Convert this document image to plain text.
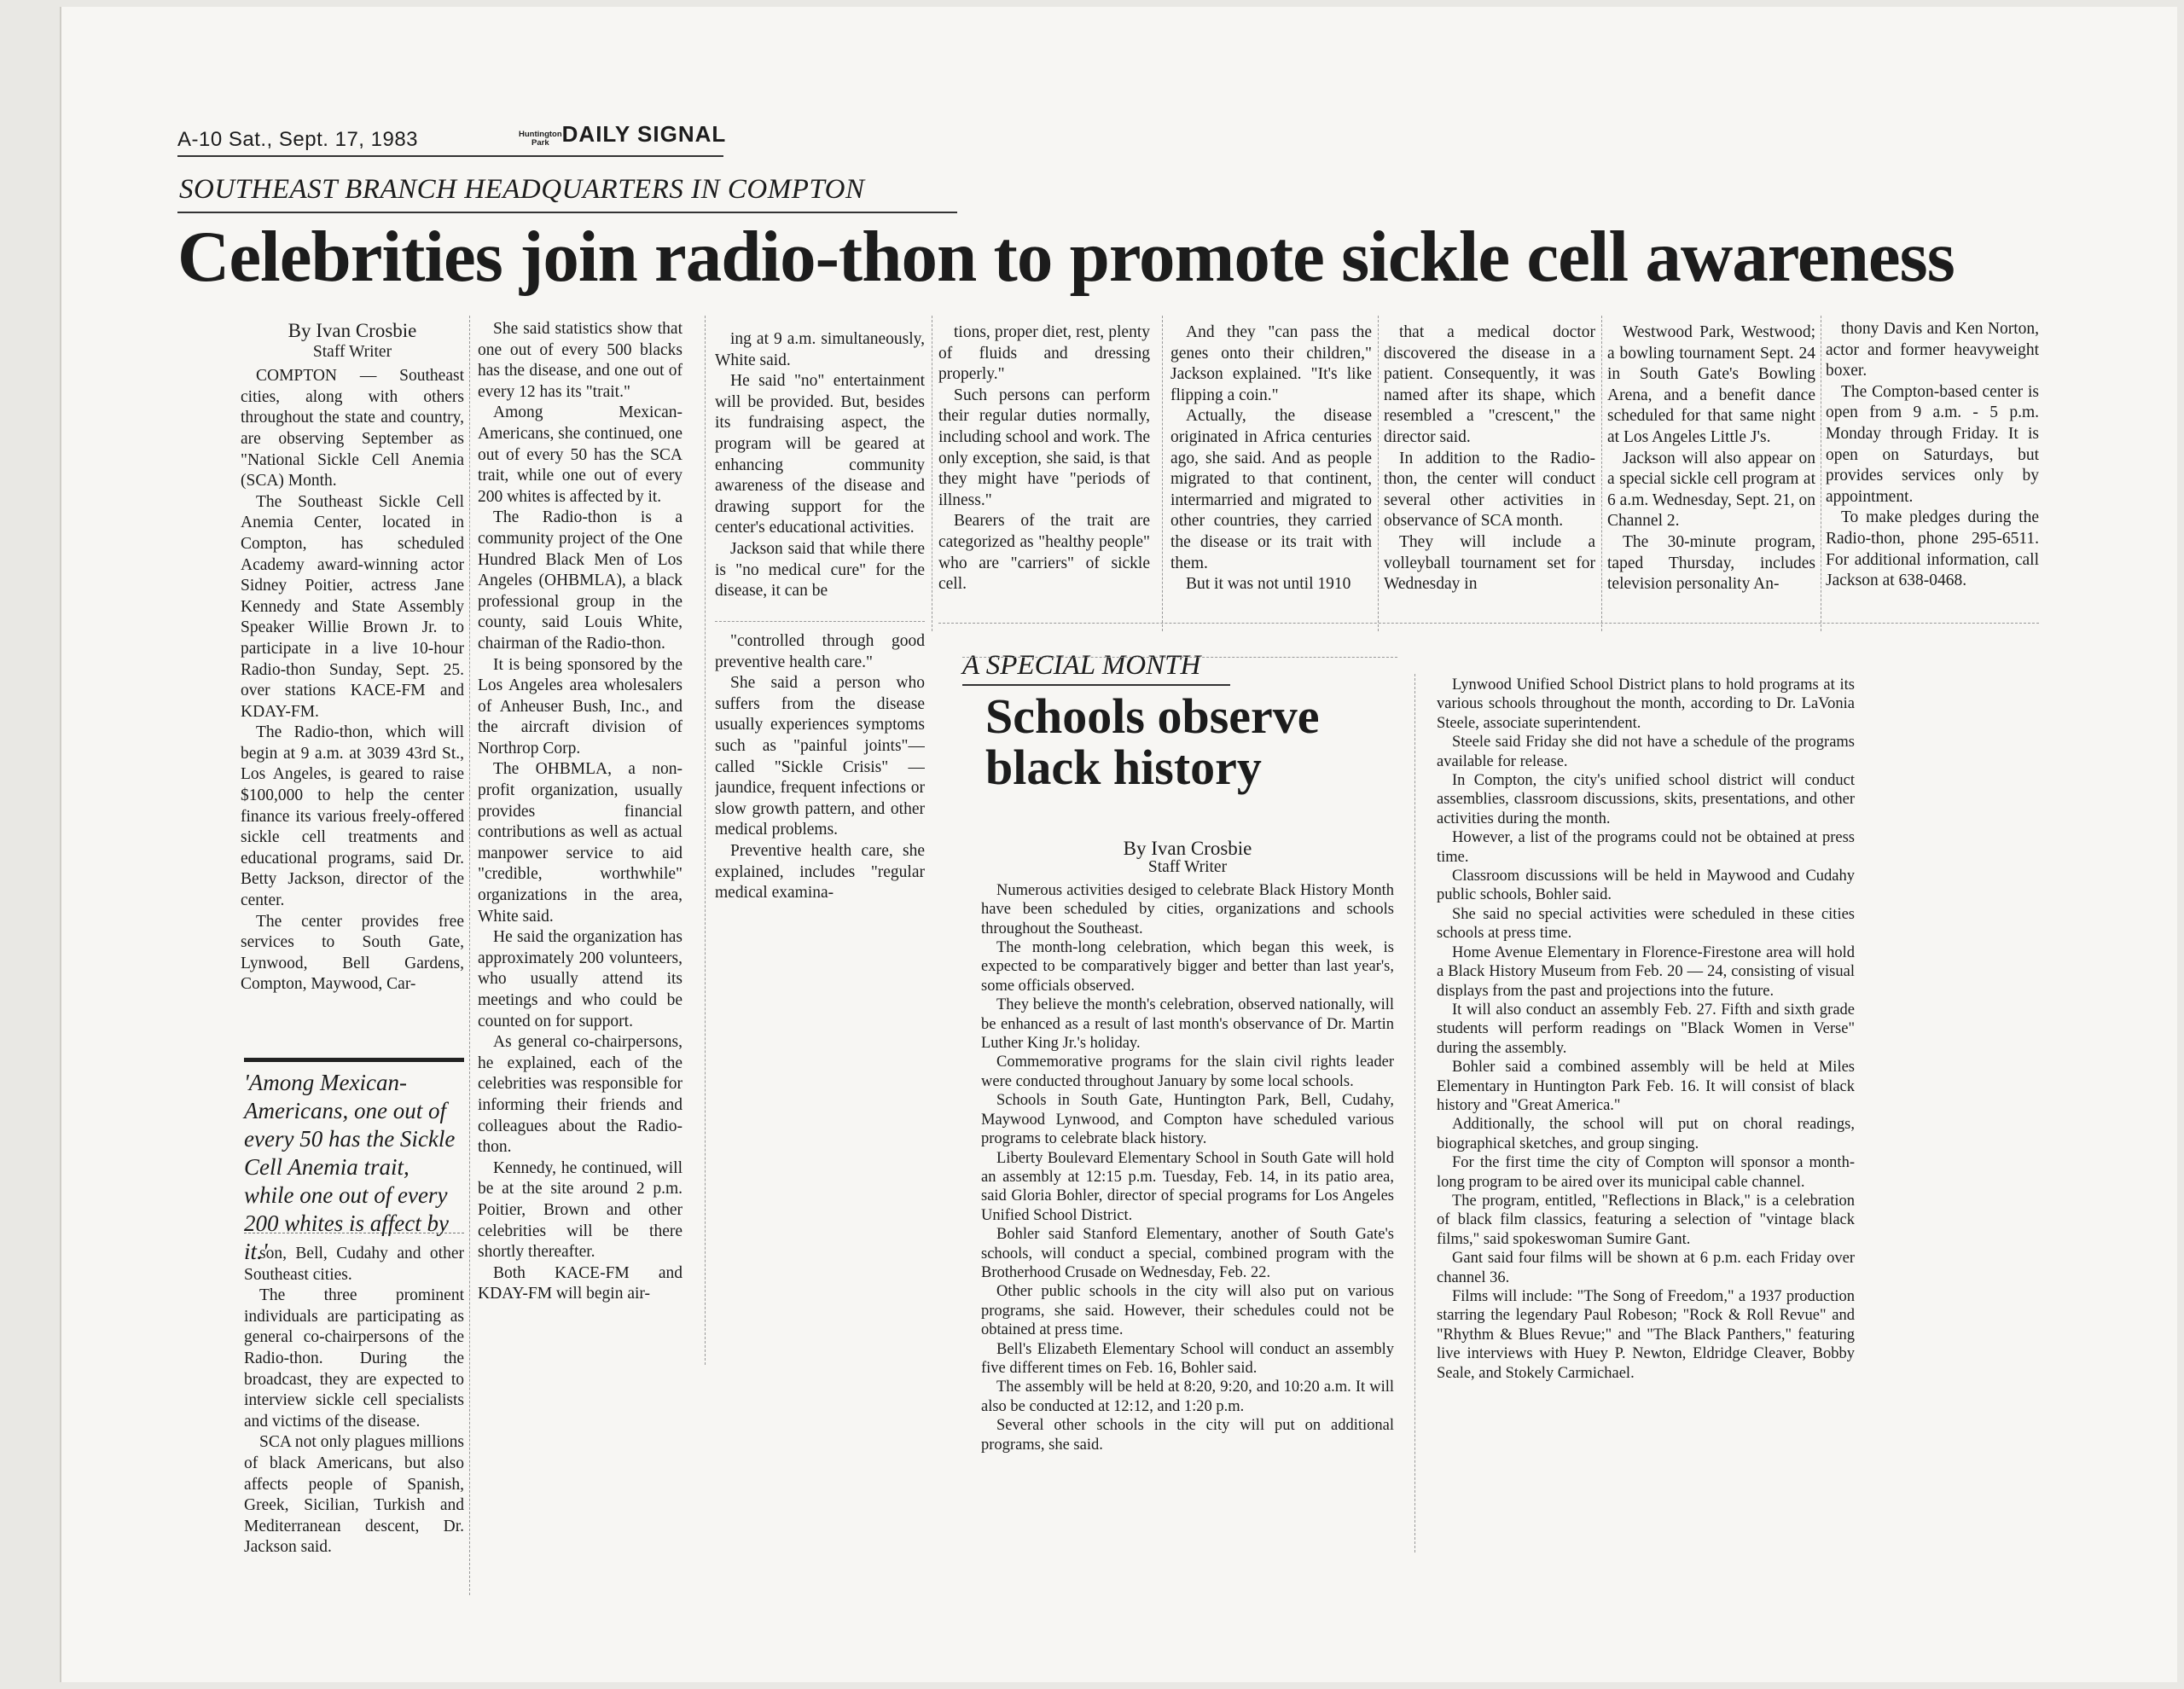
A-10 Sat., Sept. 17, 1983	Huntington
Park DAILY SIGNAL
SOUTHEAST BRANCH HEADQUARTERS IN COMPTON
Celebrities join radio-thon to promote sickle cell awareness

By Ivan Crosbie

Staff Writer

COMPTON — Southeast cities, along with others throughout the state and country, are observing September as "National Sickle Cell Anemia (SCA) Month.

The Southeast Sickle Cell Anemia Center, located in Compton, has scheduled Academy award-winning actor Sidney Poitier, actress Jane Kennedy and State Assembly Speaker Willie Brown Jr. to participate in a live 10-hour Radio-thon Sunday, Sept. 25. over stations KACE-FM and KDAY-FM.

The Radio-thon, which will begin at 9 a.m. at 3039 43rd St., Los Angeles, is geared to raise $100,000 to help the center finance its various freely-offered sickle cell treatments and educational programs, said Dr. Betty Jackson, director of the center.

The center provides free services to South Gate, Lynwood, Bell Gardens, Compton, Maywood, Car-

'Among Mexican-Americans, one out of every 50 has the Sickle Cell Anemia trait, while one out of every 200 whites is affect by it.'

son, Bell, Cudahy and other Southeast cities.

The three prominent individuals are participating as general co-chairpersons of the Radio-thon. During the broadcast, they are expected to interview sickle cell specialists and victims of the disease.

SCA not only plagues millions of black Americans, but also affects people of Spanish, Greek, Sicilian, Turkish and Mediterranean descent, Dr. Jackson said.

She said statistics show that one out of every 500 blacks has the disease, and one out of every 12 has its "trait."

Among Mexican-Americans, she continued, one out of every 50 has the SCA trait, while one out of every 200 whites is affected by it.

The Radio-thon is a community project of the One Hundred Black Men of Los Angeles (OHBMLA), a black professional group in the county, said Louis White, chairman of the Radio-thon.

It is being sponsored by the Los Angeles area wholesalers of Anheuser Bush, Inc., and the aircraft division of Northrop Corp.

The OHBMLA, a non-profit organization, usually provides financial contributions as well as actual manpower service to aid "credible, worthwhile" organizations in the area, White said.

He said the organization has approximately 200 volunteers, who usually attend its meetings and who could be counted on for support.

As general co-chairpersons, he explained, each of the celebrities was responsible for informing their friends and colleagues about the Radio-thon.

Kennedy, he continued, will be at the site around 2 p.m. Poitier, Brown and other celebrities will be there shortly thereafter.

Both KACE-FM and KDAY-FM will begin air-

ing at 9 a.m. simultaneously, White said.

He said "no" entertainment will be provided. But, besides its fundraising aspect, the program will be geared at enhancing community awareness of the disease and drawing support for the center's educational activities.

Jackson said that while there is "no medical cure" for the disease, it can be

"controlled through good preventive health care."

She said a person who suffers from the disease usually experiences symptoms such as "painful joints"—called "Sickle Crisis" — jaundice, frequent infections or slow growth pattern, and other medical problems.

Preventive health care, she explained, includes "regular medical examina-

tions, proper diet, rest, plenty of fluids and dressing properly."

Such persons can perform their regular duties normally, including school and work. The only exception, she said, is that they might have "periods of illness."

Bearers of the trait are categorized as "healthy people" who are "carriers" of sickle cell.

And they "can pass the genes onto their children," Jackson explained. "It's like flipping a coin."

Actually, the disease originated in Africa centuries ago, she said. And as people migrated to that continent, intermarried and migrated to other countries, they carried the disease or its trait with them.

But it was not until 1910

that a medical doctor discovered the disease in a patient. Consequently, it was named after its shape, which resembled a "crescent," the director said.

In addition to the Radio-thon, the center will conduct several other activities in observance of SCA month.

They will include a volleyball tournament set for Wednesday in

Westwood Park, Westwood; a bowling tournament Sept. 24 in South Gate's Bowling Arena, and a benefit dance scheduled for that same night at Los Angeles Little J's.

Jackson will also appear on a special sickle cell program at 6 a.m. Wednesday, Sept. 21, on Channel 2.

The 30-minute program, taped Thursday, includes television personality An-

thony Davis and Ken Norton, actor and former heavyweight boxer.

The Compton-based center is open from 9 a.m. - 5 p.m. Monday through Friday. It is open on Saturdays, but provides services only by appointment.

To make pledges during the Radio-thon, phone 295-6511. For additional information, call Jackson at 638-0468.

A SPECIAL MONTH
Schools observe black history

By Ivan Crosbie

Staff Writer

Numerous activities desiged to celebrate Black History Month have been scheduled by cities, organizations and schools throughout the Southeast.

The month-long celebration, which began this week, is expected to be comparatively bigger and better than last year's, some officials observed.

They believe the month's celebration, observed nationally, will be enhanced as a result of last month's observance of Dr. Martin Luther King Jr.'s holiday.

Commemorative programs for the slain civil rights leader were conducted throughout January by some local schools.

Schools in South Gate, Huntington Park, Bell, Cudahy, Maywood Lynwood, and Compton have scheduled various programs to celebrate black history.

Liberty Boulevard Elementary School in South Gate will hold an assembly at 12:15 p.m. Tuesday, Feb. 14, in its patio area, said Gloria Bohler, director of special programs for Los Angeles Unified School District.

Bohler said Stanford Elementary, another of South Gate's schools, will conduct a special, combined program with the Brotherhood Crusade on Wednesday, Feb. 22.

Other public schools in the city will also put on various programs, she said. However, their schedules could not be obtained at press time.

Bell's Elizabeth Elementary School will conduct an assembly five different times on Feb. 16, Bohler said.

The assembly will be held at 8:20, 9:20, and 10:20 a.m. It will also be conducted at 12:12, and 1:20 p.m.

Several other schools in the city will put on additional programs, she said.

Lynwood Unified School District plans to hold programs at its various schools throughout the month, according to Dr. LaVonia Steele, associate superintendent.

Steele said Friday she did not have a schedule of the programs available for release.

In Compton, the city's unified school district will conduct assemblies, classroom discussions, skits, presentations, and other activities during the month.

However, a list of the programs could not be obtained at press time.

Classroom discussions will be held in Maywood and Cudahy public schools, Bohler said.

She said no special activities were scheduled in these cities schools at press time.

Home Avenue Elementary in Florence-Firestone area will hold a Black History Museum from Feb. 20 — 24, consisting of visual displays from the past and projections into the future.

It will also conduct an assembly Feb. 27. Fifth and sixth grade students will perform readings on "Black Women in Verse" during the assembly.

Bohler said a combined assembly will be held at Miles Elementary in Huntington Park Feb. 16. It will consist of black history and "Great America."

Additionally, the school will put on choral readings, biographical sketches, and group singing.

For the first time the city of Compton will sponsor a month-long program to be aired over its municipal cable channel.

The program, entitled, "Reflections in Black," is a celebration of black film classics, featuring a selection of "vintage black films," said spokeswoman Sumire Gant.

Gant said four films will be shown at 6 p.m. each Friday over channel 36.

Films will include: "The Song of Freedom," a 1937 production starring the legendary Paul Robeson; "Rock & Roll Revue" and "Rhythm & Blues Revue;" and "The Black Panthers," featuring live interviews with Huey P. Newton, Eldridge Cleaver, Bobby Seale, and Stokely Carmichael.
